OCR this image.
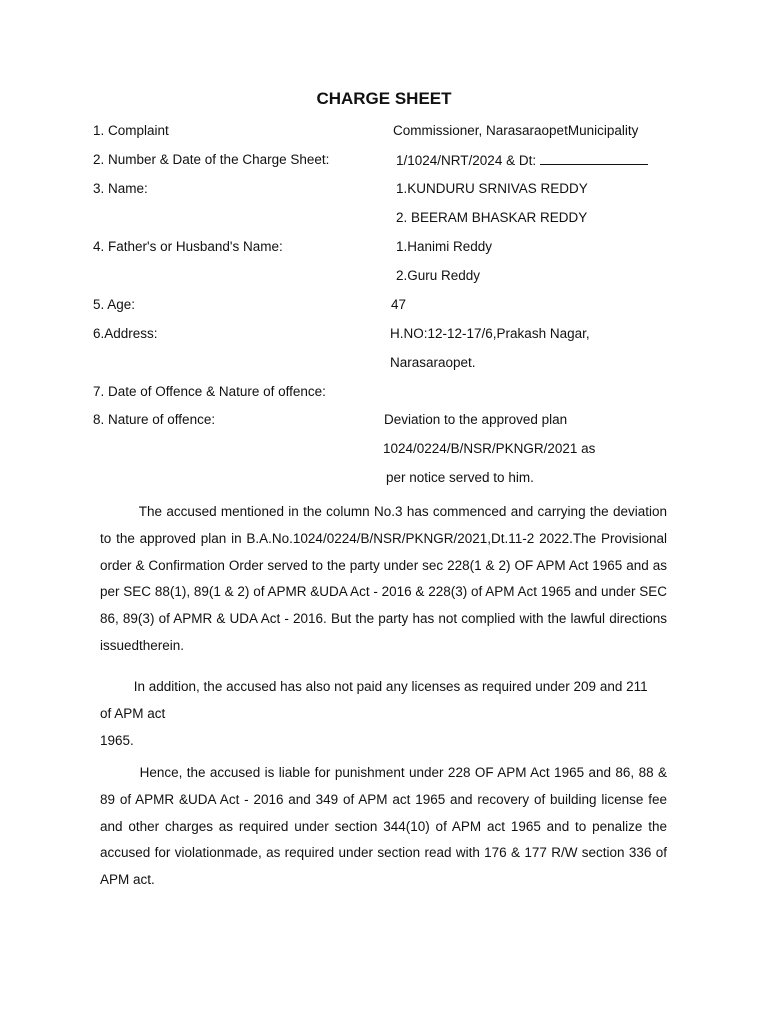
CHARGE SHEET
1. Complaint	Commissioner, NarasaraopetMunicipality
2. Number & Date of the Charge Sheet:	1/1024/NRT/2024 & Dt:
3. Name:	1.KUNDURU SRNIVAS REDDY
2. BEERAM BHASKAR REDDY
4. Father's or Husband's Name:	1.Hanimi Reddy
2.Guru Reddy
5. Age:	47
6.Address:	H.NO:12-12-17/6,Prakash Nagar,
Narasaraopet.
7. Date of Offence & Nature of offence:
8. Nature of offence:	Deviation to the approved plan
1024/0224/B/NSR/PKNGR/2021 as
per notice served to him.
The accused mentioned in the column No.3 has commenced and carrying the deviation to the approved plan in B.A.No.1024/0224/B/NSR/PKNGR/2021,Dt.11-2 2022.The Provisional order & Confirmation Order served to the party under sec 228(1 & 2) OF APM Act 1965 and as per SEC 88(1), 89(1 & 2) of APMR &UDA Act - 2016 & 228(3) of APM Act 1965 and under SEC 86, 89(3) of APMR & UDA Act - 2016. But the party has not complied with the lawful directions issuedtherein.
In addition, the accused has also not paid any licenses as required under 209 and 211
of APM act
1965.
Hence, the accused is liable for punishment under 228 OF APM Act 1965 and 86, 88 & 89 of APMR &UDA Act - 2016 and 349 of APM act 1965 and recovery of building license fee and other charges as required under section 344(10) of APM act 1965 and to penalize the accused for violationmade, as required under section read with 176 & 177 R/W section 336 of APM act.
